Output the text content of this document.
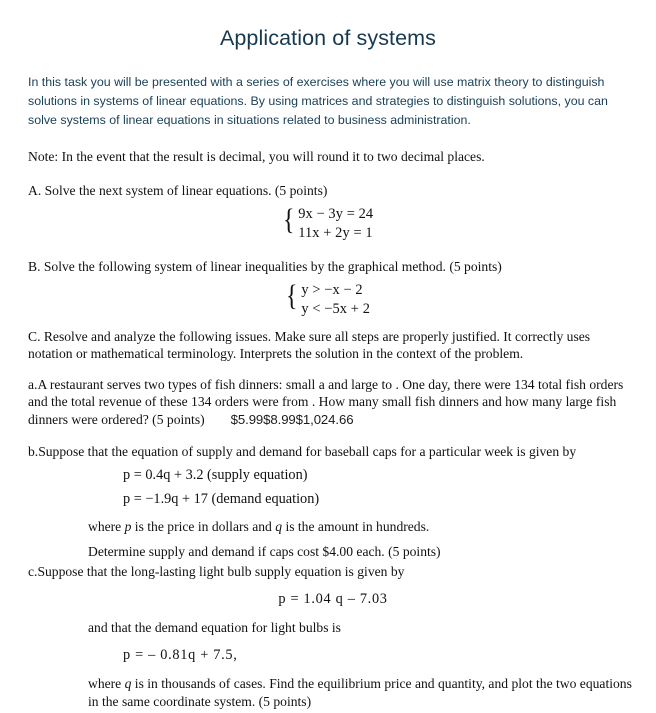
Application of systems
In this task you will be presented with a series of exercises where you will use matrix theory to distinguish solutions in systems of linear equations. By using matrices and strategies to distinguish solutions, you can solve systems of linear equations in situations related to business administration.
Note: In the event that the result is decimal, you will round it to two decimal places.
A. Solve the next system of linear equations. (5 points)
{ 9x − 3y = 24
11x + 2y = 1
B. Solve the following system of linear inequalities by the graphical method. (5 points)
{ y > −x − 2
y < −5x + 2
C. Resolve and analyze the following issues. Make sure all steps are properly justified. It correctly uses notation or mathematical terminology. Interprets the solution in the context of the problem.
a.A restaurant serves two types of fish dinners: small a and large to . One day, there were 134 total fish orders and the total revenue of these 134 orders were from . How many small fish dinners and how many large fish dinners were ordered? (5 points) $5.99$8.99$1,024.66
b.Suppose that the equation of supply and demand for baseball caps for a particular week is given by
p = 0.4q + 3.2 (supply equation)
p = −1.9q + 17 (demand equation)
where p is the price in dollars and q is the amount in hundreds.
Determine supply and demand if caps cost $4.00 each. (5 points)
c.Suppose that the long-lasting light bulb supply equation is given by
p = 1.04 q – 7.03
and that the demand equation for light bulbs is
p = – 0.81q + 7.5,
where q is in thousands of cases. Find the equilibrium price and quantity, and plot the two equations in the same coordinate system. (5 points)
